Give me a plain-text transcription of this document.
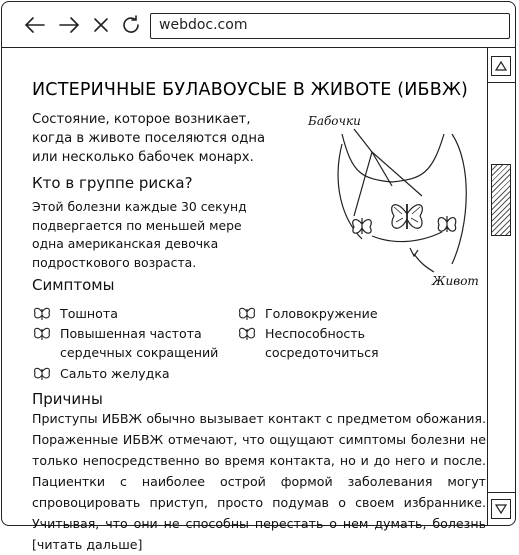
webdoc.com
ИСТЕРИЧНЫЕ БУЛАВОУСЫЕ В ЖИВОТЕ (ИБВЖ)

Состояние, которое возникает, когда в животе поселяются одна или несколько бабочек монарх.

Бабочки
Живот
Кто в группе риска?

Этой болезни каждые 30 секунд подвергается по меньшей мере одна американская девочка подросткового возраста.

Симптомы
Тошнота
Повышенная частота сердечных сокращений
Сальто желудка
Головокружение
Неспособность сосредоточиться
Причины

Приступы ИБВЖ обычно вызывает контакт с предметом обожания. Пораженные ИБВЖ отмечают, что ощущают симптомы болезни не только непосредственно во время контакта, но и до него и после. Пациентки с наиболее острой формой заболевания могут спровоцировать приступ, просто подумав о своем избраннике. Учитывая, что они не способны перестать о нем думать, болезнь [читать дальше]
